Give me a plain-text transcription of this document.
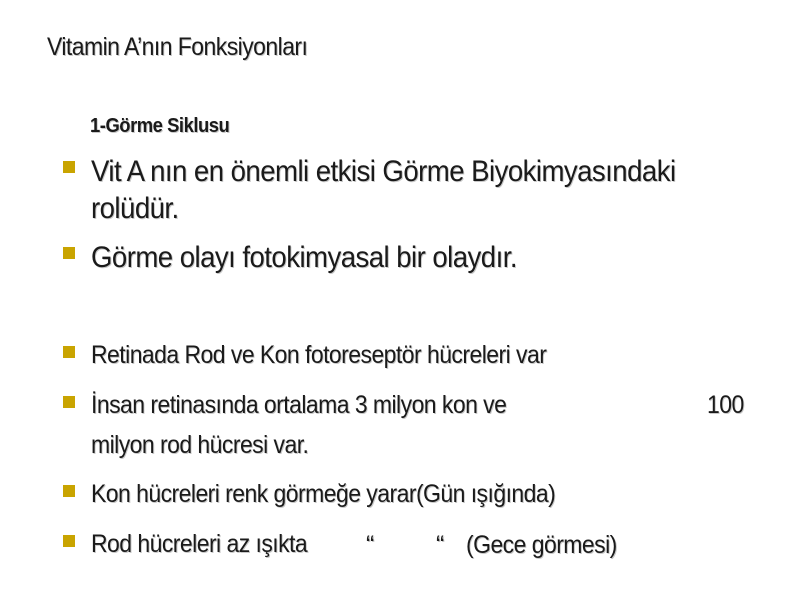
Vitamin A’nın Fonksiyonları
1-Görme Siklusu
Vit A nın en önemli etkisi Görme Biyokimyasındaki
rolüdür.
Görme olayı fotokimyasal bir olaydır.
Retinada Rod ve Kon fotoreseptör hücreleri var
İnsan retinasında ortalama 3 milyon kon ve	100
milyon rod hücresi var.
Kon hücreleri renk görmeğe yarar(Gün ışığında)
Rod hücreleri az ışıkta “ “ (Gece görmesi)
